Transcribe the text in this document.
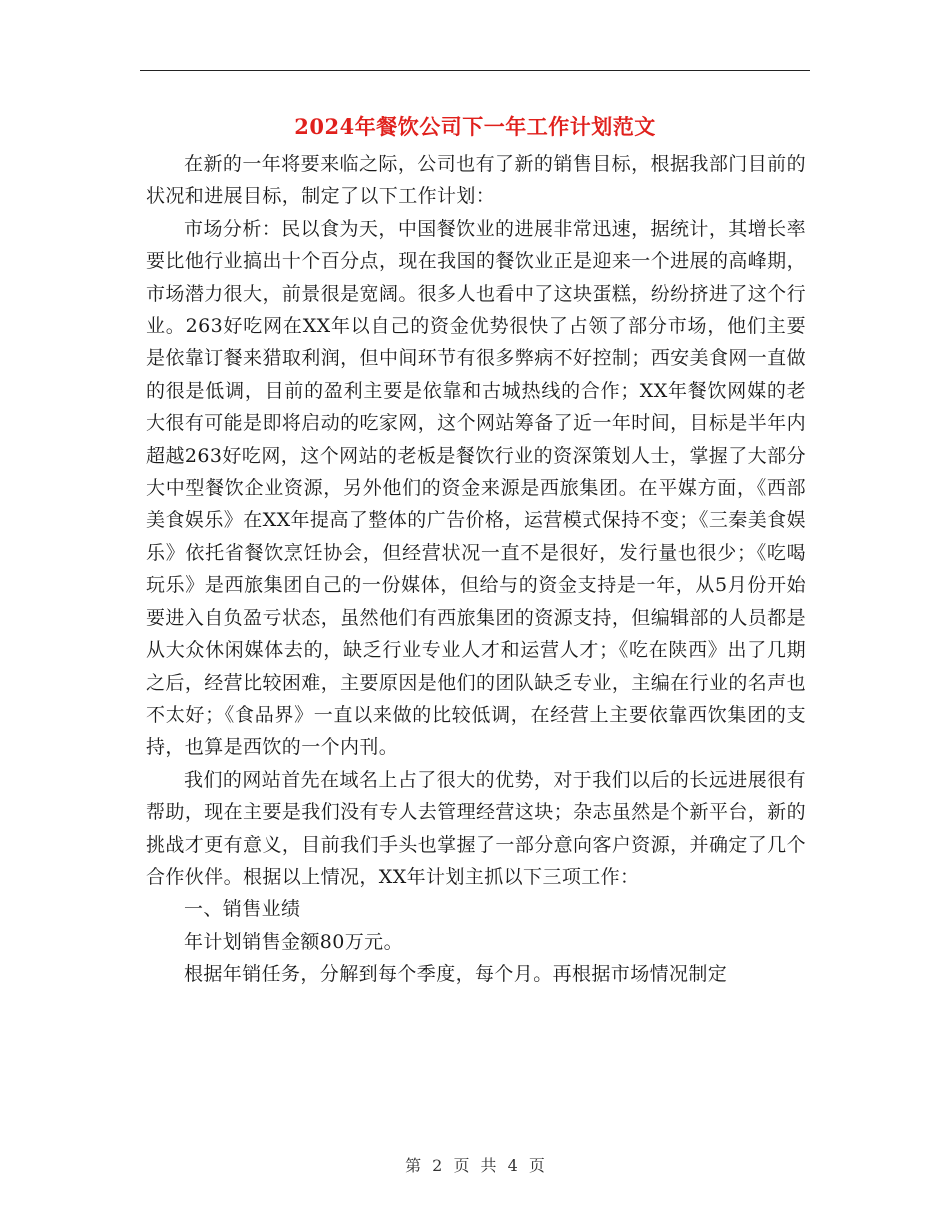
2024年餐饮公司下一年工作计划范文

在新的一年将要来临之际，公司也有了新的销售目标，根据我部门目前的状况和进展目标，制定了以下工作计划：

市场分析：民以食为天，中国餐饮业的进展非常迅速，据统计，其增长率要比他行业搞出十个百分点，现在我国的餐饮业正是迎来一个进展的高峰期，市场潜力很大，前景很是宽阔。很多人也看中了这块蛋糕，纷纷挤进了这个行业。263好吃网在XX年以自己的资金优势很快了占领了部分市场，他们主要是依靠订餐来猎取利润，但中间环节有很多弊病不好控制；西安美食网一直做的很是低调，目前的盈利主要是依靠和古城热线的合作；XX年餐饮网媒的老大很有可能是即将启动的吃家网，这个网站筹备了近一年时间，目标是半年内超越263好吃网，这个网站的老板是餐饮行业的资深策划人士，掌握了大部分大中型餐饮企业资源，另外他们的资金来源是西旅集团。在平媒方面，《西部美食娱乐》在XX年提高了整体的广告价格，运营模式保持不变；《三秦美食娱乐》依托省餐饮烹饪协会，但经营状况一直不是很好，发行量也很少；《吃喝玩乐》是西旅集团自己的一份媒体，但给与的资金支持是一年，从5月份开始要进入自负盈亏状态，虽然他们有西旅集团的资源支持，但编辑部的人员都是从大众休闲媒体去的，缺乏行业专业人才和运营人才；《吃在陕西》出了几期之后，经营比较困难，主要原因是他们的团队缺乏专业，主编在行业的名声也不太好；《食品界》一直以来做的比较低调，在经营上主要依靠西饮集团的支持，也算是西饮的一个内刊。

我们的网站首先在域名上占了很大的优势，对于我们以后的长远进展很有帮助，现在主要是我们没有专人去管理经营这块；杂志虽然是个新平台，新的挑战才更有意义，目前我们手头也掌握了一部分意向客户资源，并确定了几个合作伙伴。根据以上情况，XX年计划主抓以下三项工作：

一、销售业绩

年计划销售金额80万元。

根据年销任务，分解到每个季度，每个月。再根据市场情况制定

第 2 页 共 4 页
